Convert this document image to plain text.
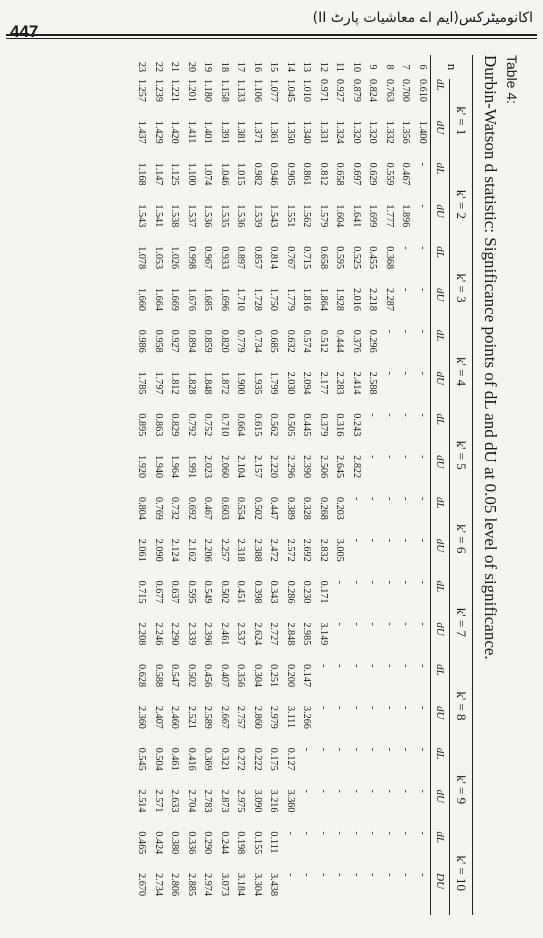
447
اکانومیٹرکس(ایم اے معاشیات پارٹ II)
Table 4:
Durbin-Watson d statistic: Significance points of dL and dU at 0.05 level of significance.
n	k' = 1		k' = 2		k' = 3		k' = 4		k' = 5		k' = 6		k' = 7		k' = 8		k' = 9		k' = 10	
	dL	dU	dL	dU	dL	dU	dL	dU	dL	dU	dL	dU	dL	dU	dL	dU	dL	dU	dL	DU
6	0.610	1.400	-	-	-	-	-	-	-	-	-	-	-	-	-	-	-	-	-	-
7	0.700	1.356	0.467	1.896	-	-	-	-	-	-	-	-	-	-	-	-	-	-	-	-
8	0.763	1.332	0.559	1.777	0.368	2.287	-	-	-	-	-	-	-	-	-	-	-	-	-	-
9	0.824	1.320	0.629	1.699	0.455	2.218	0.296	2.588	-	-	-	-	-	-	-	-	-	-	-	-
10	0.879	1.320	0.697	1.641	0.525	2.016	0.376	2.414	0.243	2.822	-	-	-	-	-	-	-	-	-	-
11	0.927	1.324	0.658	1.604	0.595	1.928	0.444	2.283	0.316	2.645	0.203	3.005	-	-	-	-	-	-	-	-
12	0.971	1.331	0.812	1.579	0.658	1.864	0.512	2.177	0.379	2.506	0.268	2.832	0.171	3.149	-	-	-	-	-	-
13	1.010	1.340	0.861	1.562	0.715	1.816	0.574	2.094	0.445	2.390	0.328	2.692	0.230	2.985	0.147	3.266	-	-	-	-
14	1.045	1.350	0.905	1.551	0.767	1.779	0.632	2.030	0.505	2.296	0.389	2.572	0.286	2.848	0.200	3.111	0.127	3.360	-	-
15	1.077	1.361	0.946	1.543	0.814	1.750	0.685	1.799	0.562	2.220	0.447	2.472	0.343	2.727	0.251	2.979	0.175	3.216	0.111	3.438
16	1.106	1.371	0.982	1.539	0.857	1.728	0.734	1.935	0.615	2.157	0.502	2.388	0.398	2.624	0.304	2.860	0.222	3.090	0.155	3.304
17	1.133	1.381	1.015	1.536	0.897	1.710	0.779	1.900	0.664	2.104	0.554	2.318	0.451	2.537	0.356	2.757	0.272	2.975	0.198	3.184
18	1.158	1.391	1.046	1.535	0.933	1.696	0.820	1.872	0.710	2.060	0.603	2.257	0.502	2.461	0.407	2.667	0.321	2.873	0.244	3.073
19	1.180	1.401	1.074	1.536	0.967	1.685	0.859	1.848	0.752	2.023	0.467	2.206	0.549	2.396	0.456	2.589	0.369	2.783	0.290	2.974
20	1.201	1.411	1.100	1.537	0.998	1.676	0.894	1.828	0.792	1.991	0.692	2.162	0.595	2.339	0.502	2.521	0.416	2.704	0.336	2.885
21	1.221	1.420	1.125	1.538	1.026	1.669	0.927	1.812	0.829	1.964	0.732	2.124	0.637	2.290	0.547	2.460	0.461	2.633	0.380	2.806
22	1.239	1.429	1.147	1.541	1.053	1.664	0.958	1.797	0.863	1.940	0.769	2.090	0.677	2.246	0.588	2.407	0.504	2.571	0.424	2.734
23	1.257	1.437	1.168	1.543	1.078	1.660	0.986	1.785	0.895	1.920	0.804	2.061	0.715	2.208	0.628	2.360	0.545	2.514	0.465	2.670
